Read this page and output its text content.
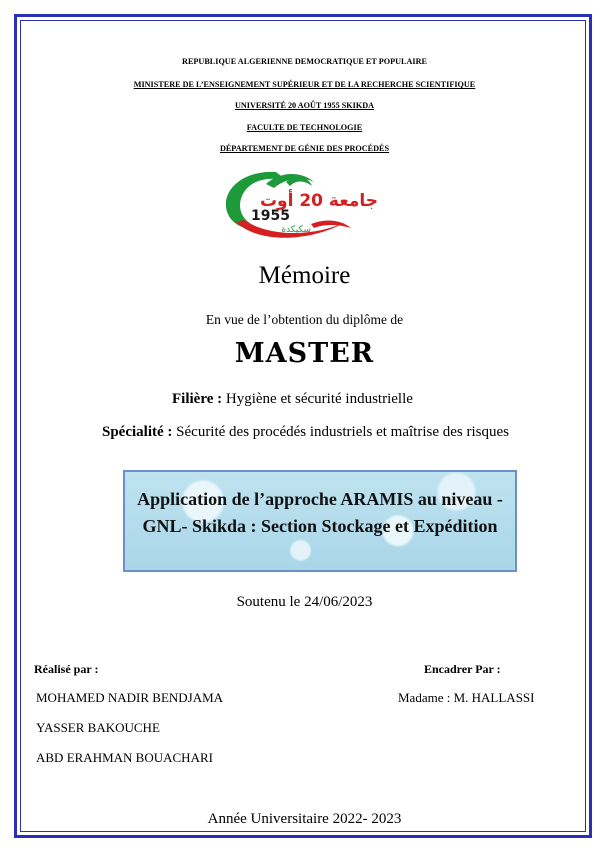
REPUBLIQUE ALGERIENNE DEMOCRATIQUE ET POPULAIRE
MINISTERE DE L’ENSEIGNEMENT SUPÉRIEUR ET DE LA RECHERCHE SCIENTIFIQUE
UNIVERSITÉ 20 AOÛT 1955 SKIKDA
FACULTE DE TECHNOLOGIE
DÉPARTEMENT DE GÉNIE DES PROCÉDÉS
1955
جامعة 20 أوت
سكيكدة
Mémoire
En vue de l’obtention du diplôme de
MASTER
Filière : Hygiène et sécurité industrielle
Spécialité : Sécurité des procédés industriels et maîtrise des risques
Application de l’approche ARAMIS au niveau -GNL- Skikda : Section Stockage et Expédition
Soutenu le 24/06/2023
Réalisé par :
MOHAMED NADIR BENDJAMA
YASSER BAKOUCHE
ABD ERAHMAN BOUACHARI
Encadrer Par :
Madame : M. HALLASSI
Année Universitaire 2022- 2023
